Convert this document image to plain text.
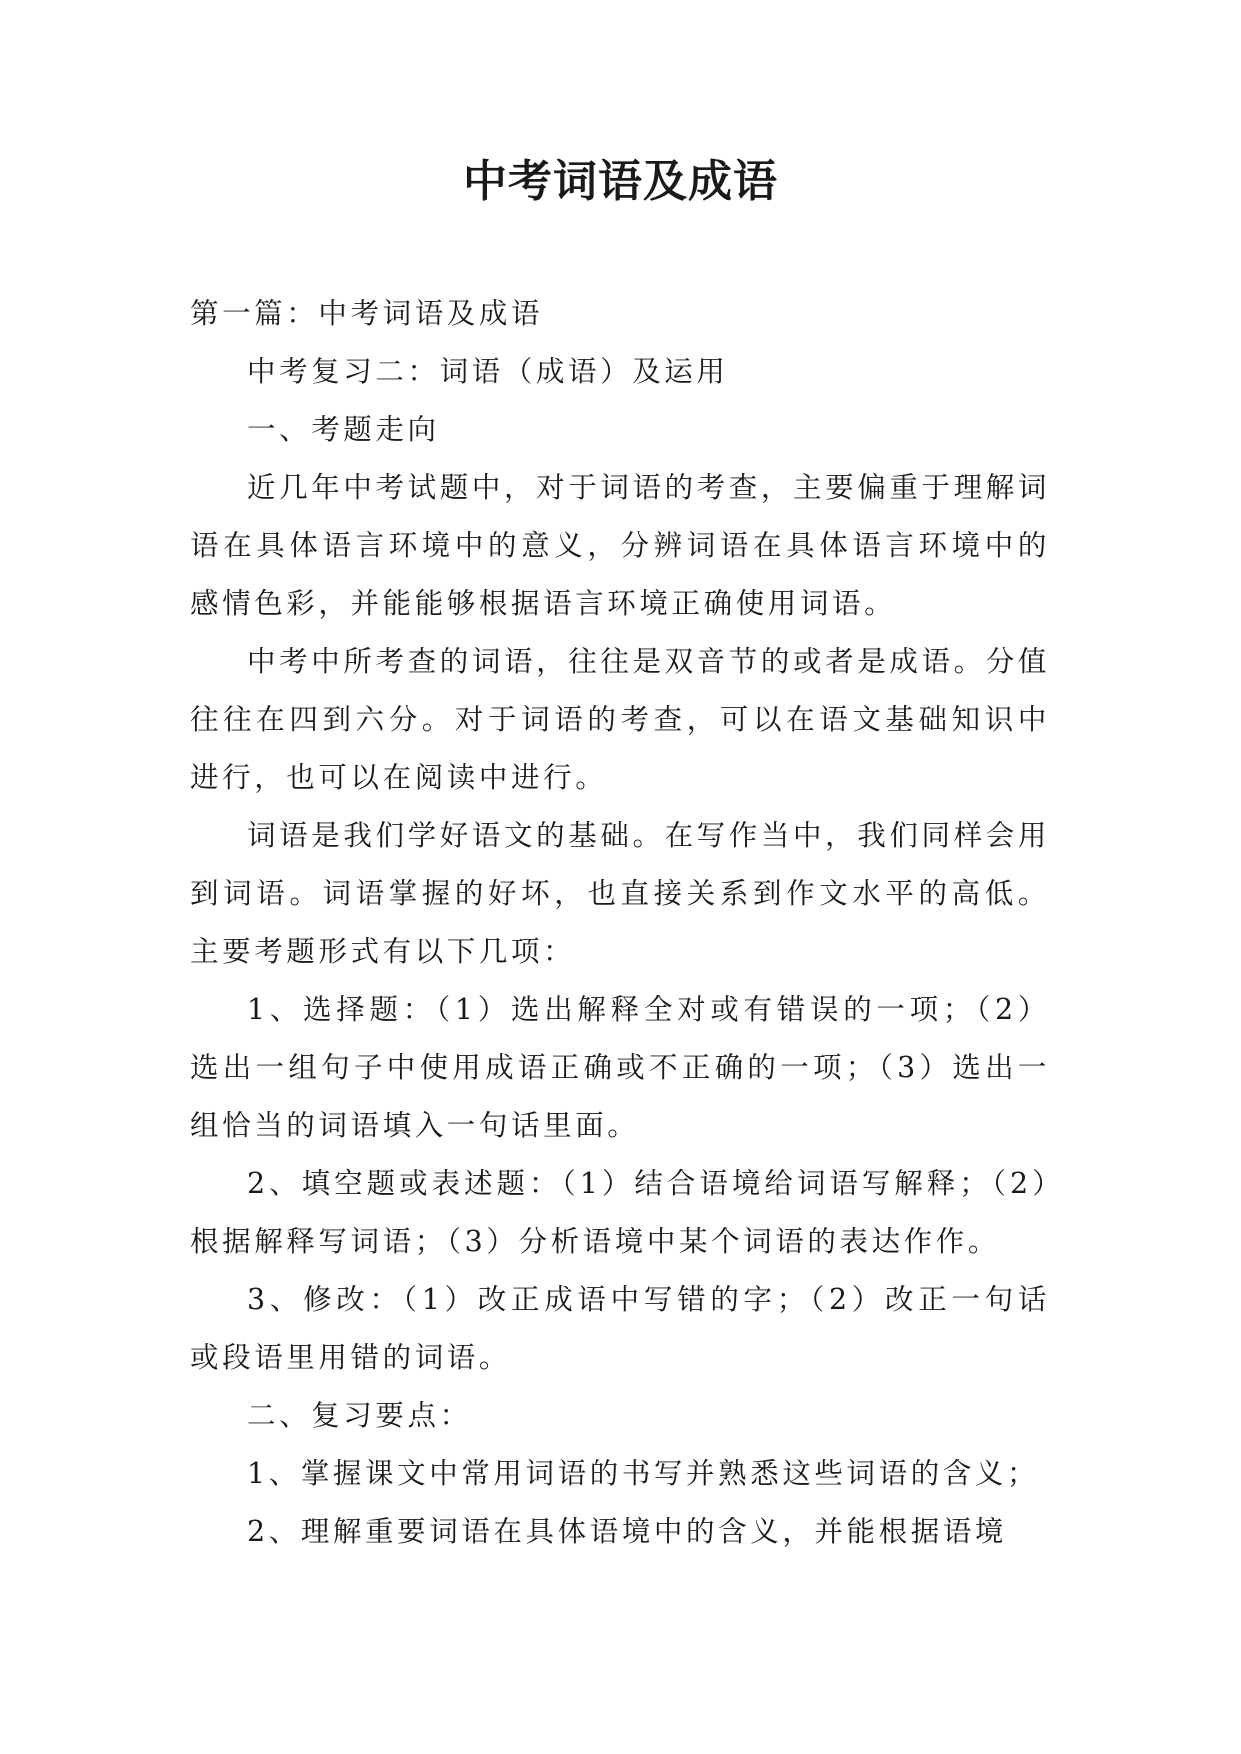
中考词语及成语

第一篇：中考词语及成语

中考复习二：词语（成语）及运用

一、考题走向

近几年中考试题中，对于词语的考查，主要偏重于理解词语在具体语言环境中的意义，分辨词语在具体语言环境中的感情色彩，并能能够根据语言环境正确使用词语。

中考中所考查的词语，往往是双音节的或者是成语。分值往往在四到六分。对于词语的考查，可以在语文基础知识中进行，也可以在阅读中进行。

词语是我们学好语文的基础。在写作当中，我们同样会用到词语。词语掌握的好坏，也直接关系到作文水平的高低。主要考题形式有以下几项：

1、选择题：（1）选出解释全对或有错误的一项；（2）选出一组句子中使用成语正确或不正确的一项；（3）选出一组恰当的词语填入一句话里面。

2、填空题或表述题：（1）结合语境给词语写解释；（2）根据解释写词语；（3）分析语境中某个词语的表达作作。

3、修改：（1）改正成语中写错的字；（2）改正一句话或段语里用错的词语。

二、复习要点：

1、掌握课文中常用词语的书写并熟悉这些词语的含义；

2、理解重要词语在具体语境中的含义，并能根据语境
